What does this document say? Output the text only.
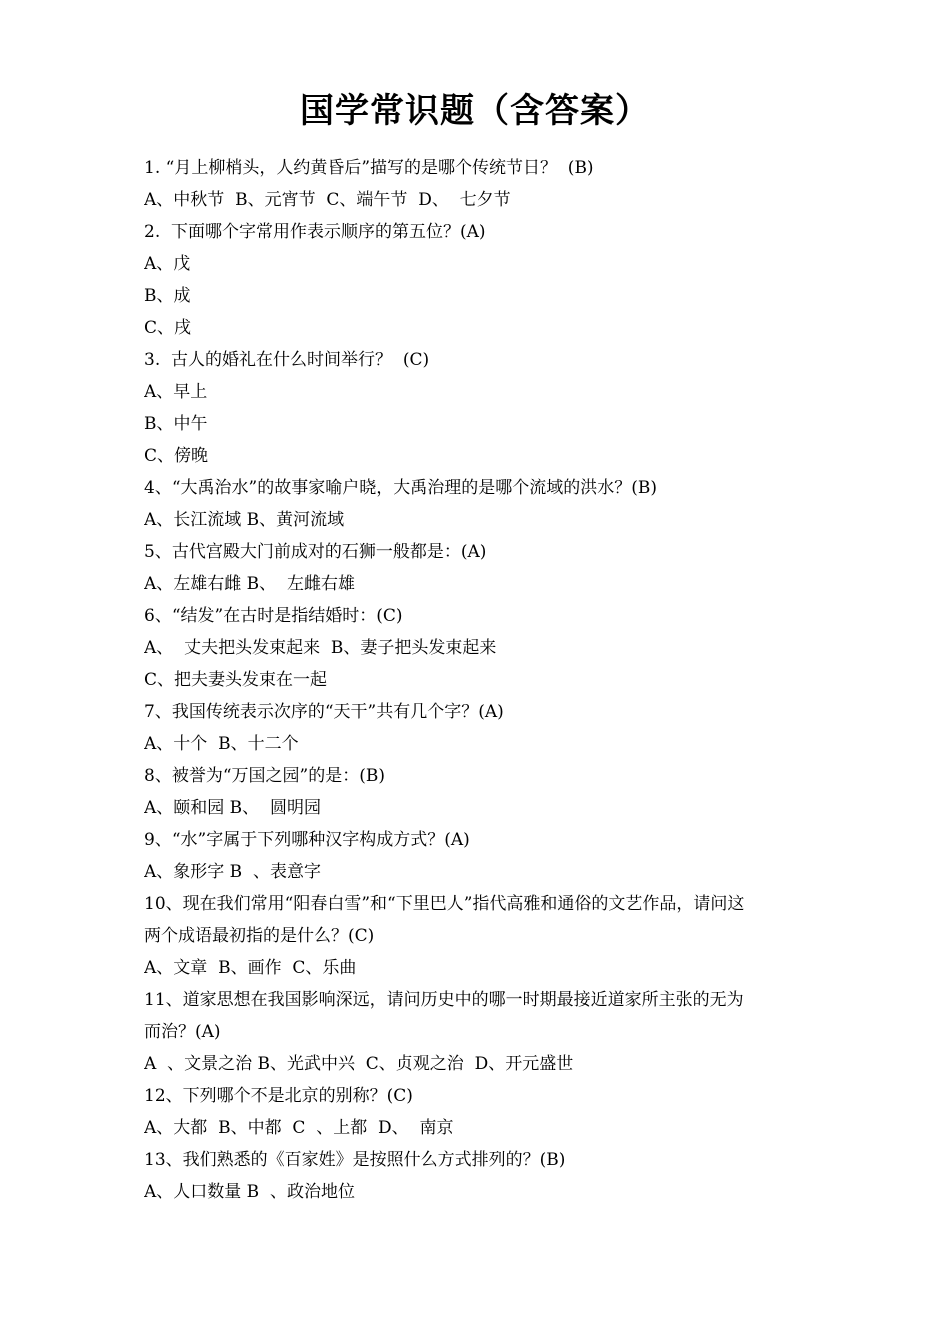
国学常识题（含答案）
1. “月上柳梢头，人约黄昏后”描写的是哪个传统节日？  (B)
A、中秋节  B、元宵节  C、端午节  D、  七夕节
2.  下面哪个字常用作表示顺序的第五位？(A)
A、戊
B、成
C、戌
3.  古人的婚礼在什么时间举行？  (C)
A、早上
B、中午
C、傍晚
4、“大禹治水”的故事家喻户晓，大禹治理的是哪个流域的洪水？(B)
A、长江流域 B、黄河流域
5、古代宫殿大门前成对的石狮一般都是：(A)
A、左雄右雌 B、  左雌右雄
6、“结发”在古时是指结婚时：(C)
A、  丈夫把头发束起来  B、妻子把头发束起来
C、把夫妻头发束在一起
7、我国传统表示次序的“天干”共有几个字？(A)
A、十个  B、十二个
8、被誉为“万国之园”的是：(B)
A、颐和园 B、  圆明园
9、“水”字属于下列哪种汉字构成方式？(A)
A、象形字 B  、表意字
10、现在我们常用“阳春白雪”和“下里巴人”指代高雅和通俗的文艺作品，请问这
两个成语最初指的是什么？(C)
A、文章  B、画作  C、乐曲
11、道家思想在我国影响深远，请问历史中的哪一时期最接近道家所主张的无为
而治？(A)
A  、文景之治 B、光武中兴  C、贞观之治  D、开元盛世
12、下列哪个不是北京的别称？(C)
A、大都  B、中都  C  、上都  D、  南京
13、我们熟悉的《百家姓》是按照什么方式排列的？(B)
A、人口数量 B  、政治地位
